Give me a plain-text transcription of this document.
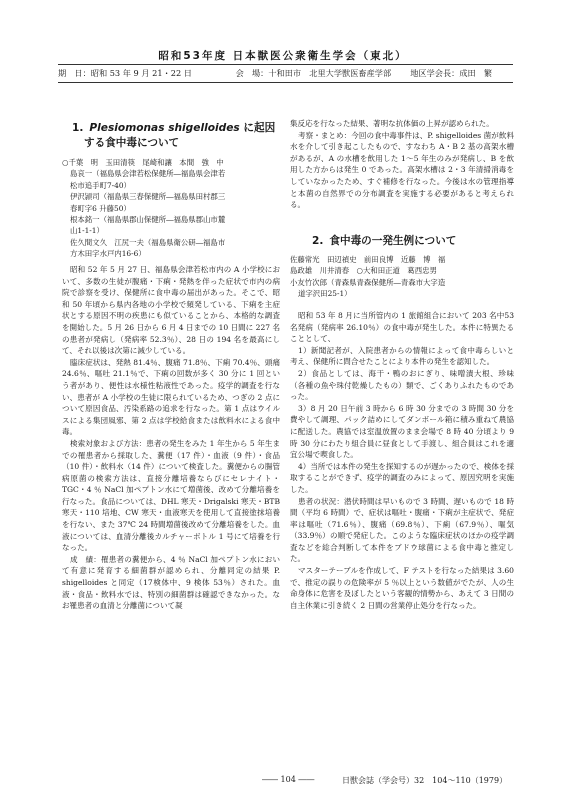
昭和53年度 日本獣医公衆衛生学会（東北）
期　日：昭和 53 年 9 月 21・22 日	会　場：十和田市　北里大学獣医畜産学部 地区学会長：成田　繁
1. Plesiomonas shigelloides に起因
する食中毒について
○千葉　明　玉田清筷　尾崎和讓　本間　強　中
島哀一（福島県会津若松保健所―福島県会津若
松市追手町7-40）
伊沢頴司（福島県三春保健所―福島県田村郡三
春町字6 升藤50）
根本銘一（福島県郡山保健所―福島県郡山市麓
山1-1-1）
佐久間文久　江尻一夫（福島県衛公研―福島市
方木田字水戸内16-6）

昭和 52 年 5 月 27 日、福島県会津若松市内の A 小学校において、多数の生徒が腹痛・下痢・発熱を伴った症状で市内の病院で診察を受け、保健所に食中毒の届出があった。そこで、昭和 50 年頃から県内各地の小学校で頻発している、下痢を主症状とする原因不明の疾患にも似ていることから、本格的な調査を開始した。5 月 26 日から 6 月 4 日までの 10 日間に 227 名の患者が発病し（発病率 52.3％）、28 日の 194 名を最高にして、それ以後は次第に減少している。

臨床症状は、発熱 81.4％、腹痛 71.8％、下痢 70.4％、頭痛 24.6％、嘔吐 21.1％で、下痢の回数が多く 30 分に 1 回という者があり、便性は水様性粘液性であった。疫学的調査を行ない、患者が A 小学校の生徒に限られているため、つぎの 2 点について原因食品、汚染系路の追求を行なった。第 1 点はウイルスによる集団風邪、第 2 点は学校給食または飲料水による食中毒。

検索対象および方法：患者の発生をみた 1 年生から 5 年生までの罹患者から採取した、糞便（17 件）・血液（9 件）・食品（10 件）・飲料水（14 件）について検査した。糞便からの腸管病原菌の検索方法は、直接分離培養ならびにセレナイト・TGC・4 ％ NaCl 加ペプトン水にて増菌後、改めて分離培養を行なった。食品については、DHL 寒天・Drigalski 寒天・BTB 寒天・110 培地、CW 寒天・血液寒天を使用して直接塗抹培養を行ない、また 37℃ 24 時間増菌後改めて分離培養をした。血液については、血清分離後カルチャーボトル 1 号にて培養を行なった。

成　績：罹患者の糞便から、4 ％ NaCl 加ペプトン水において有意に発育する細菌群が認められ、分離同定の結果 P. shigelloides と同定（17検体中、9 検体 53％）された。血液・食品・飲料水では、特別の細菌群は確認できなかった。なお罹患者の血清と分離菌について凝

集反応を行なった結果、著明な抗体価の上昇が認められた。

考察・まとめ：今回の食中毒事件は、P. shigelloides 菌が飲料水を介して引き起こしたもので、すなわち A・B 2 基の高架水槽があるが、A の水槽を飲用した 1～5 年生のみが発病し、B を飲用した方からは発生 0 であった。高架水槽は 2・3 年清掃消毒をしていなかったため、すぐ補修を行なった。今後は水の管理指導と本菌の自然界での分布調査を実施する必要があると考えられる。

2. 食中毒の一発生例について
佐藤常光　田辺禎史　前田良博　近藤　博　福
島政雄　川井清春　○大和田正道　葛西忠男
小友竹次郎（青森県青森保健所―青森市大字造
道字沢田25-1）

昭和 53 年 8 月に当所管内の 1 旅館組合において 203 名中53名発病（発病率 26.10％）の食中毒が発生した。本件に特異たることとして、

1）新聞記者が、入院患者からの情報によって食中毒らしいと考え、保健所に問合せたことにより本件の発生を認知した。

2）食品としては、海干・鴨のおにぎり、味噌漬大根、珍味（各種の魚や珠付乾燥したもの）類で、ごくありふれたものであった。

3）8 月 20 日午前 3 時から 6 時 30 分までの 3 時間 30 分を費やして調理、パック詰めにしてダンボール箱に積み重ねて農協に配送した。農協では室温放置のまま会場で 8 時 40 分頃より 9 時 30 分にわたり組合員に昼食として手渡し、組合員はこれを適宜公場で喫食した。

4）当所では本件の発生を探知するのが遅かったので、検体を採取することができず、疫学的調査のみによって、原因究明を実施した。

患者の状況：潜伏時間は早いもので 3 時間、遅いもので 18 時間（平均 6 時間）で、症状は嘔吐・腹痛・下痢が主症状で、発症率は嘔吐（71.6％）、腹痛（69.8％）、下痢（67.9％）、嘔気（33.9％）の順で発症した。このような臨床症状のほかの疫学調査などを総合判断して本件をブドウ球菌による食中毒と推定した。

マスターテーブルを作成して、F テストを行なった結果は 3.60 で、推定の誤りの危険率が 5 ％以上という数値がでたが、人の生命身体に危害を及ぼしたという客観的情勢から、あえて 3 日間の自主休業に引き続く 2 日間の営業停止処分を行なった。

―― 104 ――	日獣会誌（学会号）32　104～110（1979）
